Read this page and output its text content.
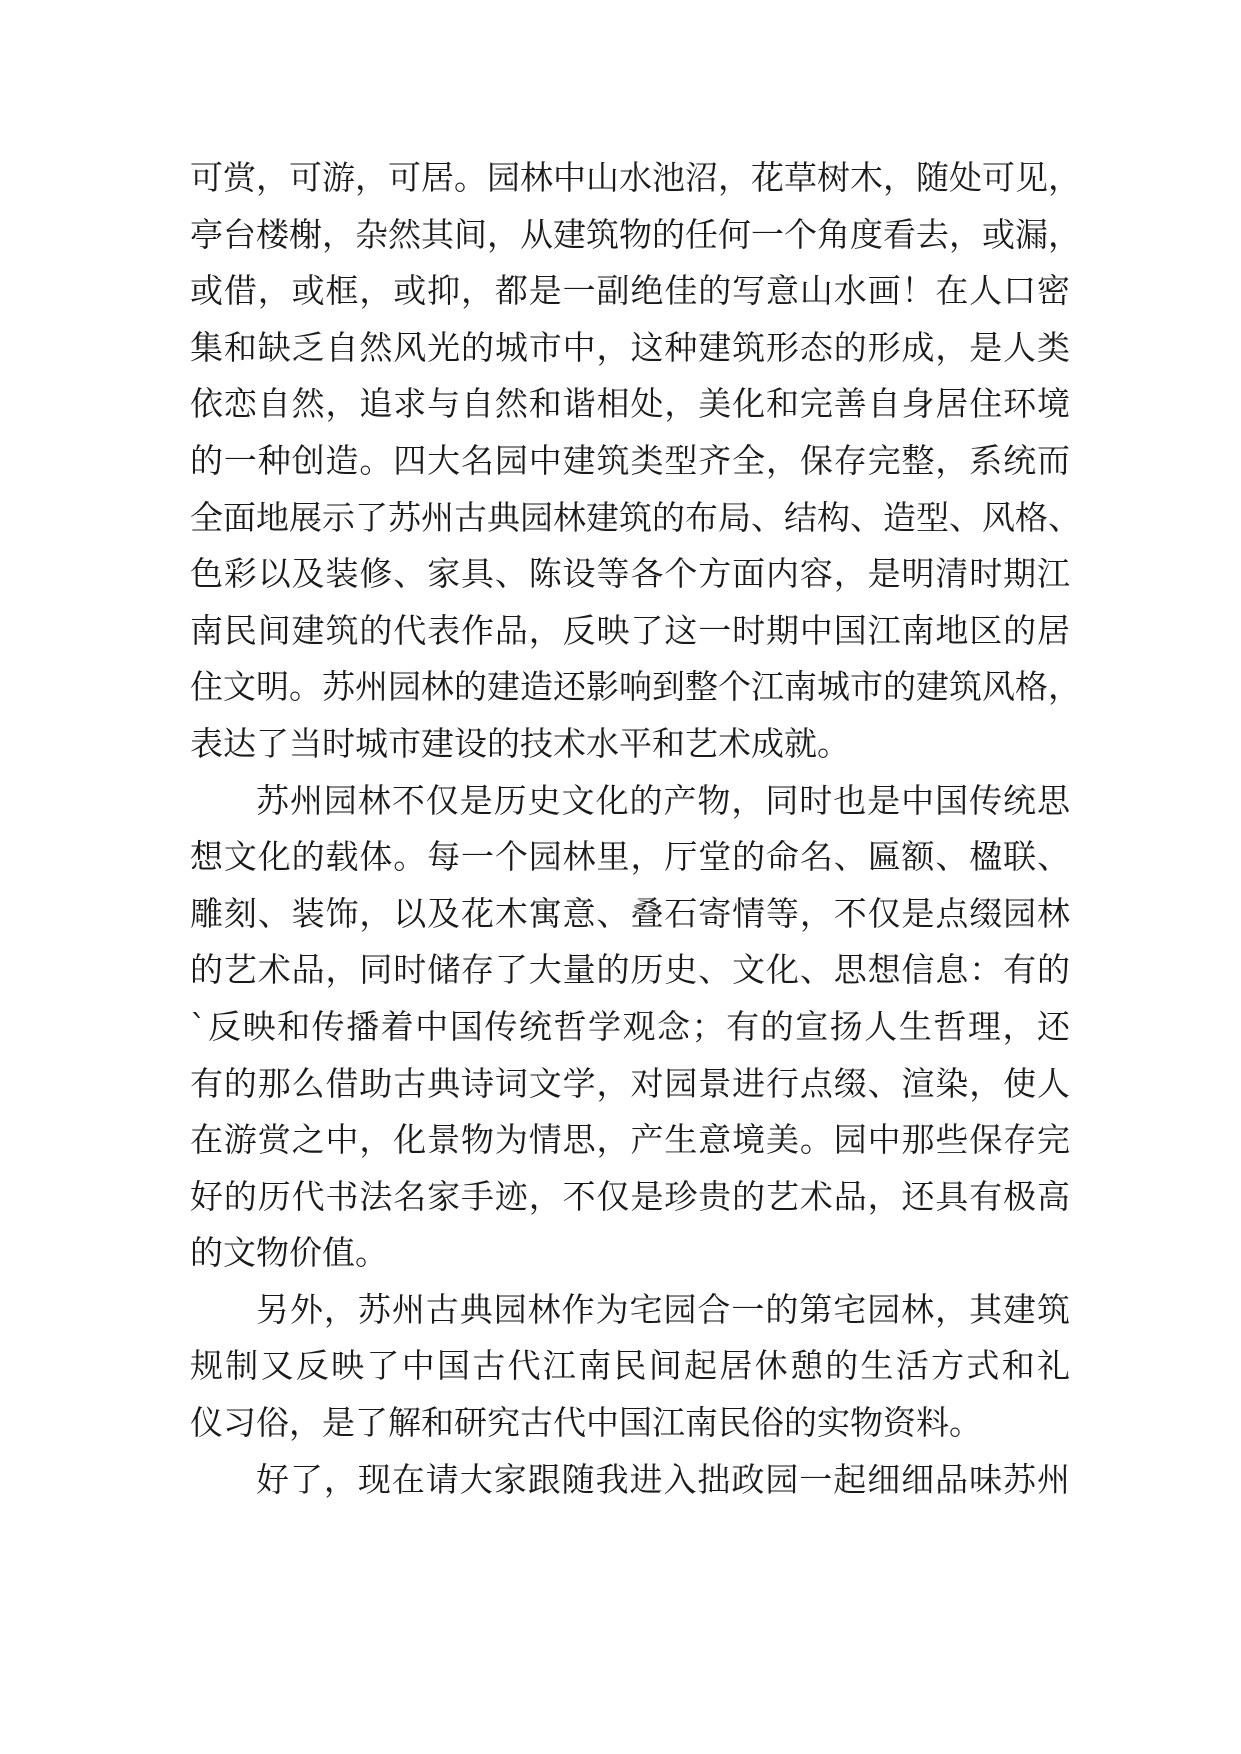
可赏，可游，可居。园林中山水池沼，花草树木，随处可见，
亭台楼榭，杂然其间，从建筑物的任何一个角度看去，或漏，
或借，或框，或抑，都是一副绝佳的写意山水画！在人口密
集和缺乏自然风光的城市中，这种建筑形态的形成，是人类
依恋自然，追求与自然和谐相处，美化和完善自身居住环境
的一种创造。四大名园中建筑类型齐全，保存完整，系统而
全面地展示了苏州古典园林建筑的布局、结构、造型、风格、
色彩以及装修、家具、陈设等各个方面内容，是明清时期江
南民间建筑的代表作品，反映了这一时期中国江南地区的居
住文明。苏州园林的建造还影响到整个江南城市的建筑风格，
表达了当时城市建设的技术水平和艺术成就。
苏州园林不仅是历史文化的产物，同时也是中国传统思
想文化的载体。每一个园林里，厅堂的命名、匾额、楹联、
雕刻、装饰，以及花木寓意、叠石寄情等，不仅是点缀园林
的艺术品，同时储存了大量的历史、文化、思想信息：有的
`反映和传播着中国传统哲学观念；有的宣扬人生哲理，还
有的那么借助古典诗词文学，对园景进行点缀、渲染，使人
在游赏之中，化景物为情思，产生意境美。园中那些保存完
好的历代书法名家手迹，不仅是珍贵的艺术品，还具有极高
的文物价值。
另外，苏州古典园林作为宅园合一的第宅园林，其建筑
规制又反映了中国古代江南民间起居休憩的生活方式和礼
仪习俗，是了解和研究古代中国江南民俗的实物资料。
好了，现在请大家跟随我进入拙政园一起细细品味苏州
